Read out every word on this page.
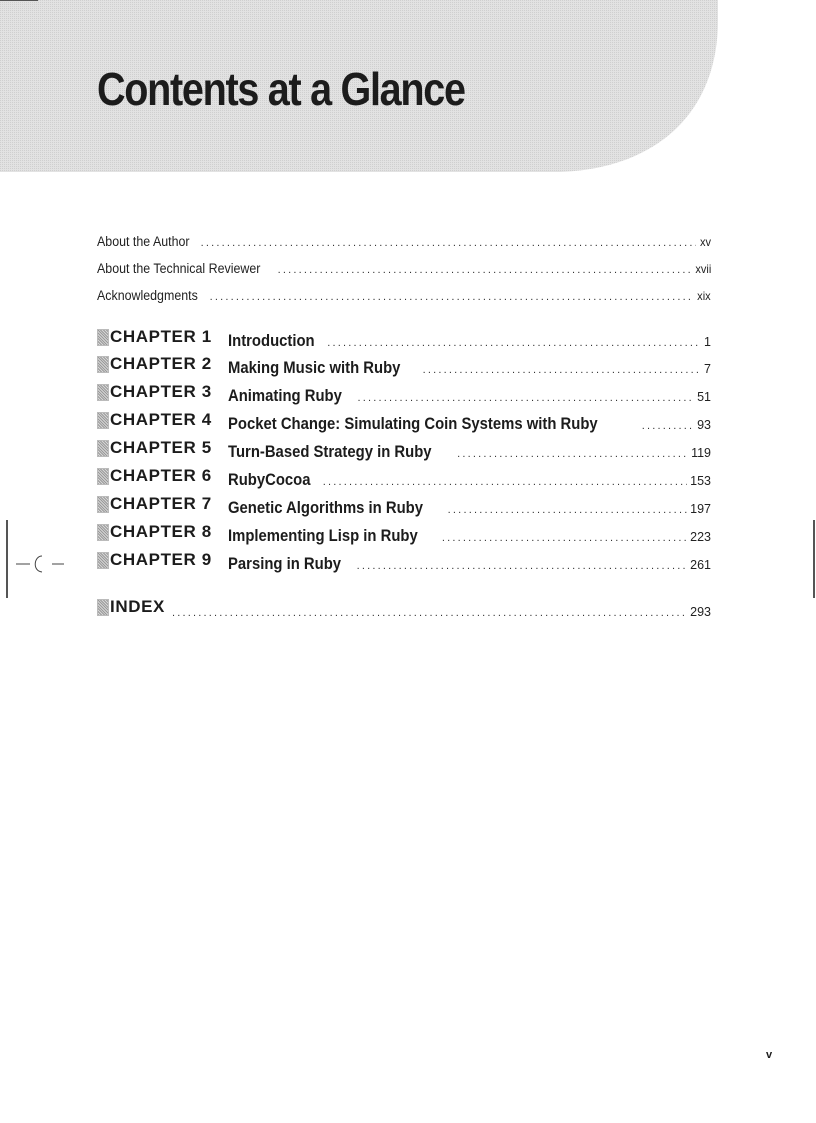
Contents at a Glance
About the Author .....	xv
About the Technical Reviewer .....	xvii
Acknowledgments .....	xix
CHAPTER 1 Introduction .....	1
CHAPTER 2 Making Music with Ruby .....	7
CHAPTER 3 Animating Ruby .....	51
CHAPTER 4 Pocket Change: Simulating Coin Systems with Ruby .....	93
CHAPTER 5 Turn-Based Strategy in Ruby .....	119
CHAPTER 6 RubyCocoa .....	153
CHAPTER 7 Genetic Algorithms in Ruby .....	197
CHAPTER 8 Implementing Lisp in Ruby .....	223
CHAPTER 9 Parsing in Ruby .....	261
INDEX .....	293
v
